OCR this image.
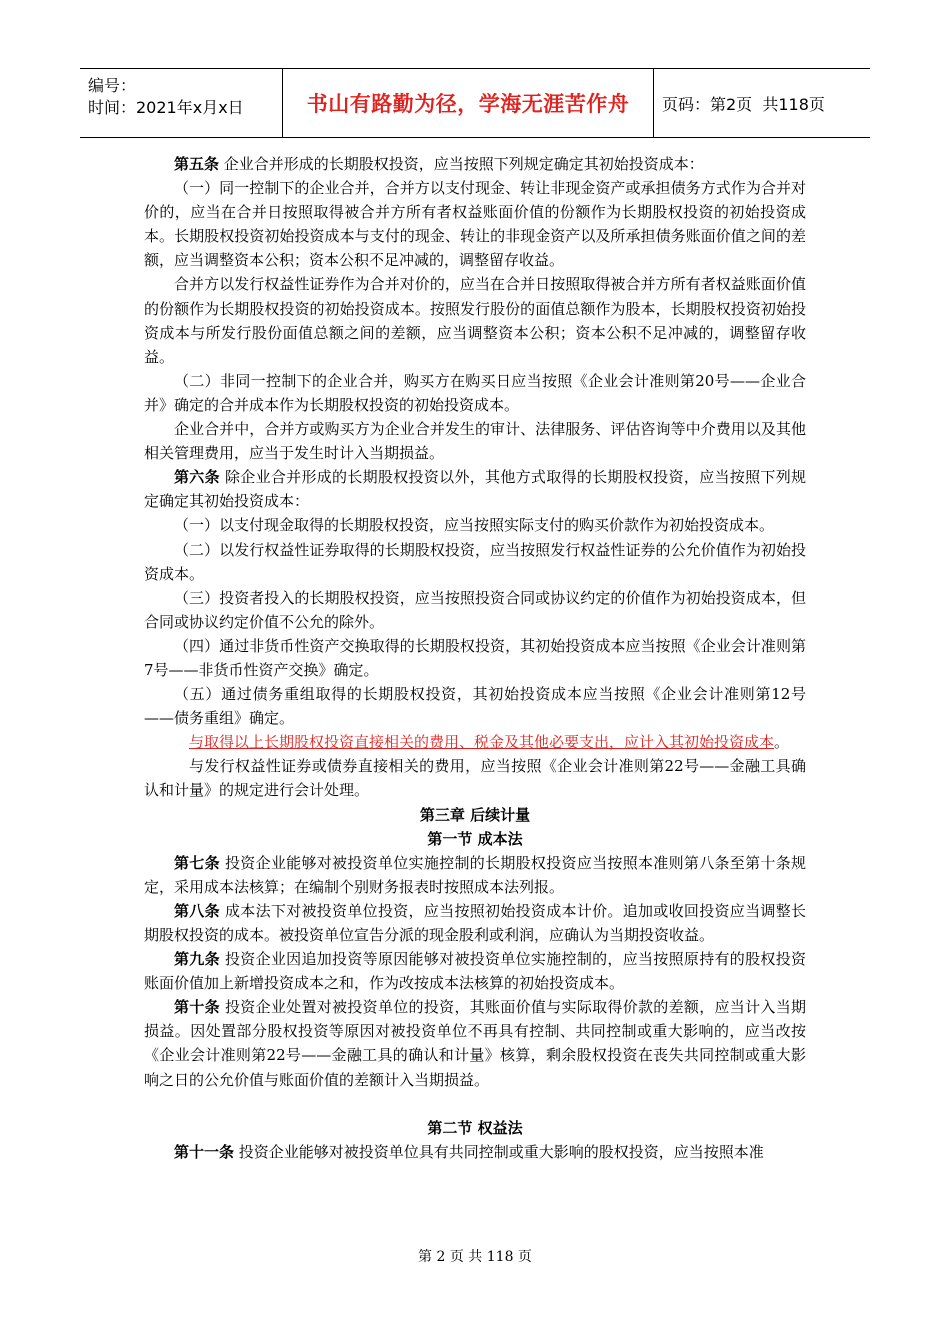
编号：
时间：2021年x月x日	书山有路勤为径，学海无涯苦作舟 页码：第2页  共118页

第五条 企业合并形成的长期股权投资，应当按照下列规定确定其初始投资成本：

（一）同一控制下的企业合并，合并方以支付现金、转让非现金资产或承担债务方式作为合并对价的，应当在合并日按照取得被合并方所有者权益账面价值的份额作为长期股权投资的初始投资成本。长期股权投资初始投资成本与支付的现金、转让的非现金资产以及所承担债务账面价值之间的差额，应当调整资本公积；资本公积不足冲减的，调整留存收益。

合并方以发行权益性证券作为合并对价的，应当在合并日按照取得被合并方所有者权益账面价值的份额作为长期股权投资的初始投资成本。按照发行股份的面值总额作为股本，长期股权投资初始投资成本与所发行股份面值总额之间的差额，应当调整资本公积；资本公积不足冲减的，调整留存收益。

（二）非同一控制下的企业合并，购买方在购买日应当按照《企业会计准则第20号——企业合并》确定的合并成本作为长期股权投资的初始投资成本。

企业合并中，合并方或购买方为企业合并发生的审计、法律服务、评估咨询等中介费用以及其他相关管理费用，应当于发生时计入当期损益。

第六条 除企业合并形成的长期股权投资以外，其他方式取得的长期股权投资，应当按照下列规定确定其初始投资成本：

（一）以支付现金取得的长期股权投资，应当按照实际支付的购买价款作为初始投资成本。

（二）以发行权益性证券取得的长期股权投资，应当按照发行权益性证券的公允价值作为初始投资成本。

（三）投资者投入的长期股权投资，应当按照投资合同或协议约定的价值作为初始投资成本，但合同或协议约定价值不公允的除外。

（四）通过非货币性资产交换取得的长期股权投资，其初始投资成本应当按照《企业会计准则第7号——非货币性资产交换》确定。

（五）通过债务重组取得的长期股权投资，其初始投资成本应当按照《企业会计准则第12号——债务重组》确定。

与取得以上长期股权投资直接相关的费用、税金及其他必要支出，应计入其初始投资成本。

与发行权益性证券或债券直接相关的费用，应当按照《企业会计准则第22号——金融工具确认和计量》的规定进行会计处理。

第三章 后续计量
第一节 成本法

第七条 投资企业能够对被投资单位实施控制的长期股权投资应当按照本准则第八条至第十条规定，采用成本法核算；在编制个别财务报表时按照成本法列报。

第八条 成本法下对被投资单位投资，应当按照初始投资成本计价。追加或收回投资应当调整长期股权投资的成本。被投资单位宣告分派的现金股利或利润，应确认为当期投资收益。

第九条 投资企业因追加投资等原因能够对被投资单位实施控制的，应当按照原持有的股权投资账面价值加上新增投资成本之和，作为改按成本法核算的初始投资成本。

第十条 投资企业处置对被投资单位的投资，其账面价值与实际取得价款的差额，应当计入当期损益。因处置部分股权投资等原因对被投资单位不再具有控制、共同控制或重大影响的，应当改按《企业会计准则第22号——金融工具的确认和计量》核算，剩余股权投资在丧失共同控制或重大影响之日的公允价值与账面价值的差额计入当期损益。

第二节 权益法

第十一条 投资企业能够对被投资单位具有共同控制或重大影响的股权投资，应当按照本准

第 2 页 共 118 页
